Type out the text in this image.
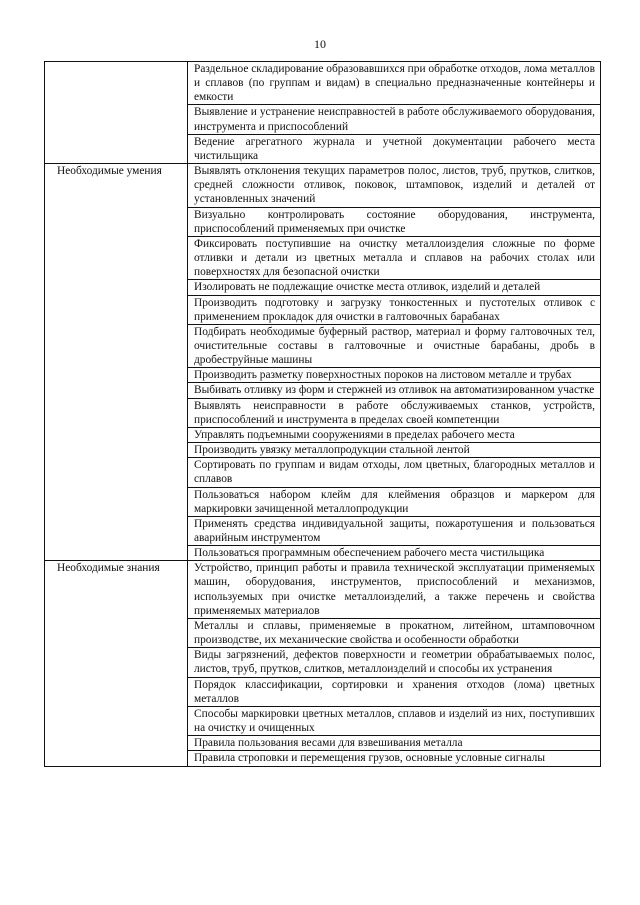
10
	Раздельное складирование образовавшихся при обработке отходов, лома металлов и сплавов (по группам и видам) в специально предназначенные контейнеры и емкости
	Выявление и устранение неисправностей в работе обслуживаемого оборудования, инструмента и приспособлений
	Ведение агрегатного журнала и учетной документации рабочего места чистильщика
Необходимые умения	Выявлять отклонения текущих параметров полос, листов, труб, прутков, слитков, средней сложности отливок, поковок, штамповок, изделий и деталей от установленных значений
	Визуально контролировать состояние оборудования, инструмента, приспособлений применяемых при очистке
	Фиксировать поступившие на очистку металлоизделия сложные по форме отливки и детали из цветных металла и сплавов на рабочих столах или поверхностях для безопасной очистки
	Изолировать не подлежащие очистке места отливок, изделий и деталей
	Производить подготовку и загрузку тонкостенных и пустотелых отливок с применением прокладок для очистки в галтовочных барабанах
	Подбирать необходимые буферный раствор, материал и форму галтовочных тел, очистительные составы в галтовочные и очистные барабаны, дробь в дробеструйные машины
	Производить разметку поверхностных пороков на листовом металле и трубах
	Выбивать отливку из форм и стержней из отливок на автоматизированном участке
	Выявлять неисправности в работе обслуживаемых станков, устройств, приспособлений и инструмента в пределах своей компетенции
	Управлять подъемными сооружениями в пределах рабочего места
	Производить увязку металлопродукции стальной лентой
	Сортировать по группам и видам отходы, лом цветных, благородных металлов и сплавов
	Пользоваться набором клейм для клеймения образцов и маркером для маркировки зачищенной металлопродукции
	Применять средства индивидуальной защиты, пожаротушения и пользоваться аварийным инструментом
	Пользоваться программным обеспечением рабочего места чистильщика
Необходимые знания	Устройство, принцип работы и правила технической эксплуатации применяемых машин, оборудования, инструментов, приспособлений и механизмов, используемых при очистке металлоизделий, а также перечень и свойства применяемых материалов
	Металлы и сплавы, применяемые в прокатном, литейном, штамповочном производстве, их механические свойства и особенности обработки
	Виды загрязнений, дефектов поверхности и геометрии обрабатываемых полос, листов, труб, прутков, слитков, металлоизделий и способы их устранения
	Порядок классификации, сортировки и хранения отходов (лома) цветных металлов
	Способы маркировки цветных металлов, сплавов и изделий из них, поступивших на очистку и очищенных
	Правила пользования весами для взвешивания металла
	Правила строповки и перемещения грузов, основные условные сигналы
